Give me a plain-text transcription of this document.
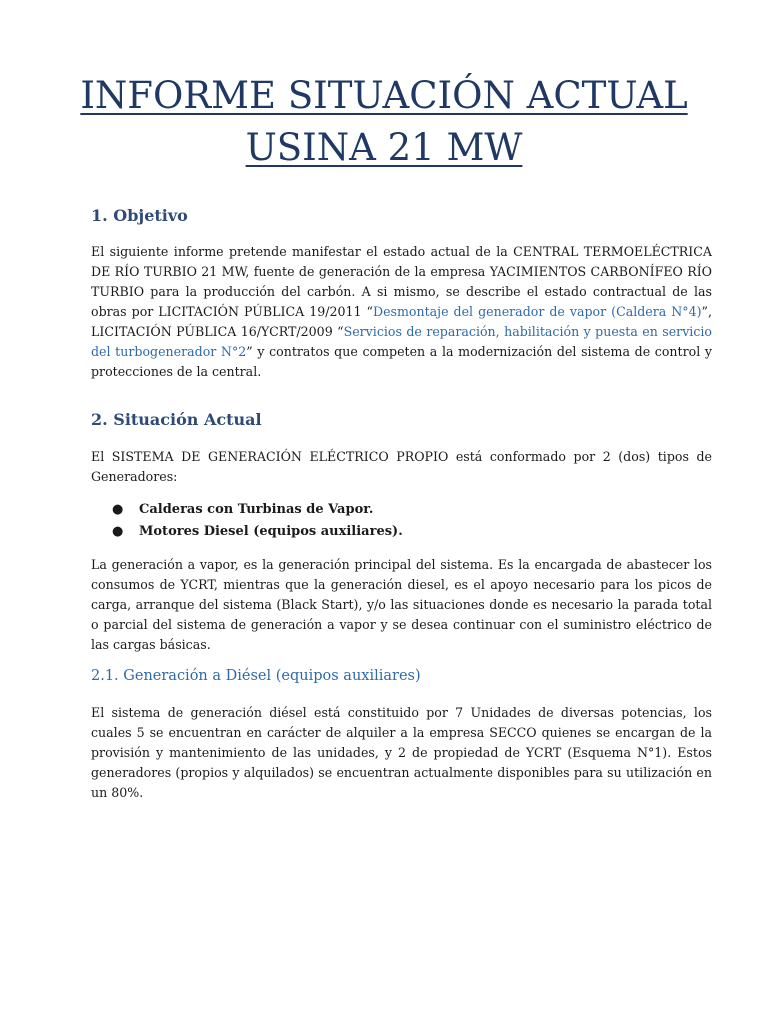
INFORME SITUACIÓN ACTUAL
USINA 21 MW
1. Objetivo
El siguiente informe pretende manifestar el estado actual de la CENTRAL TERMOELÉCTRICA DE RÍO TURBIO 21 MW, fuente de generación de la empresa YACIMIENTOS CARBONÍFEO RÍO TURBIO para la producción del carbón. A si mismo, se describe el estado contractual de las obras por LICITACIÓN PÚBLICA 19/2011 “Desmontaje del generador de vapor (Caldera N°4)”, LICITACIÓN PÚBLICA 16/YCRT/2009 “Servicios de reparación, habilitación y puesta en servicio del turbogenerador N°2” y contratos que competen a la modernización del sistema de control y protecciones de la central.
2. Situación Actual
El SISTEMA DE GENERACIÓN ELÉCTRICO PROPIO está conformado por 2 (dos) tipos de Generadores:
● Calderas con Turbinas de Vapor.
● Motores Diesel (equipos auxiliares).
La generación a vapor, es la generación principal del sistema. Es la encargada de abastecer los consumos de YCRT, mientras que la generación diesel, es el apoyo necesario para los picos de carga, arranque del sistema (Black Start), y/o las situaciones donde es necesario la parada total o parcial del sistema de generación a vapor y se desea continuar con el suministro eléctrico de las cargas básicas.
2.1. Generación a Diésel (equipos auxiliares)
El sistema de generación diésel está constituido por 7 Unidades de diversas potencias, los cuales 5 se encuentran en carácter de alquiler a la empresa SECCO quienes se encargan de la provisión y mantenimiento de las unidades, y 2 de propiedad de YCRT (Esquema N°1). Estos generadores (propios y alquilados) se encuentran actualmente disponibles para su utilización en un 80%.
